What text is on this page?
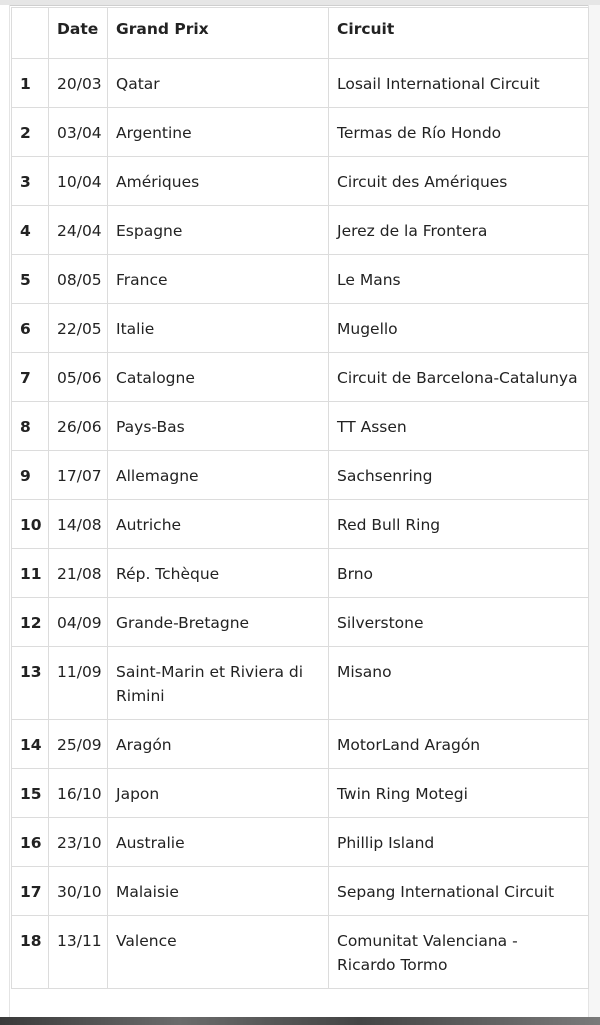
	Date	Grand Prix	Circuit
1	20/03	Qatar	Losail International Circuit
2	03/04	Argentine	Termas de Río Hondo
3	10/04	Amériques	Circuit des Amériques
4	24/04	Espagne	Jerez de la Frontera
5	08/05	France	Le Mans
6	22/05	Italie	Mugello
7	05/06	Catalogne	Circuit de Barcelona-Catalunya
8	26/06	Pays-Bas	TT Assen
9	17/07	Allemagne	Sachsenring
10	14/08	Autriche	Red Bull Ring
11	21/08	Rép. Tchèque	Brno
12	04/09	Grande-Bretagne	Silverstone
13	11/09	Saint-Marin et Riviera di Rimini	Misano
14	25/09	Aragón	MotorLand Aragón
15	16/10	Japon	Twin Ring Motegi
16	23/10	Australie	Phillip Island
17	30/10	Malaisie	Sepang International Circuit
18	13/11	Valence	Comunitat Valenciana - Ricardo Tormo
